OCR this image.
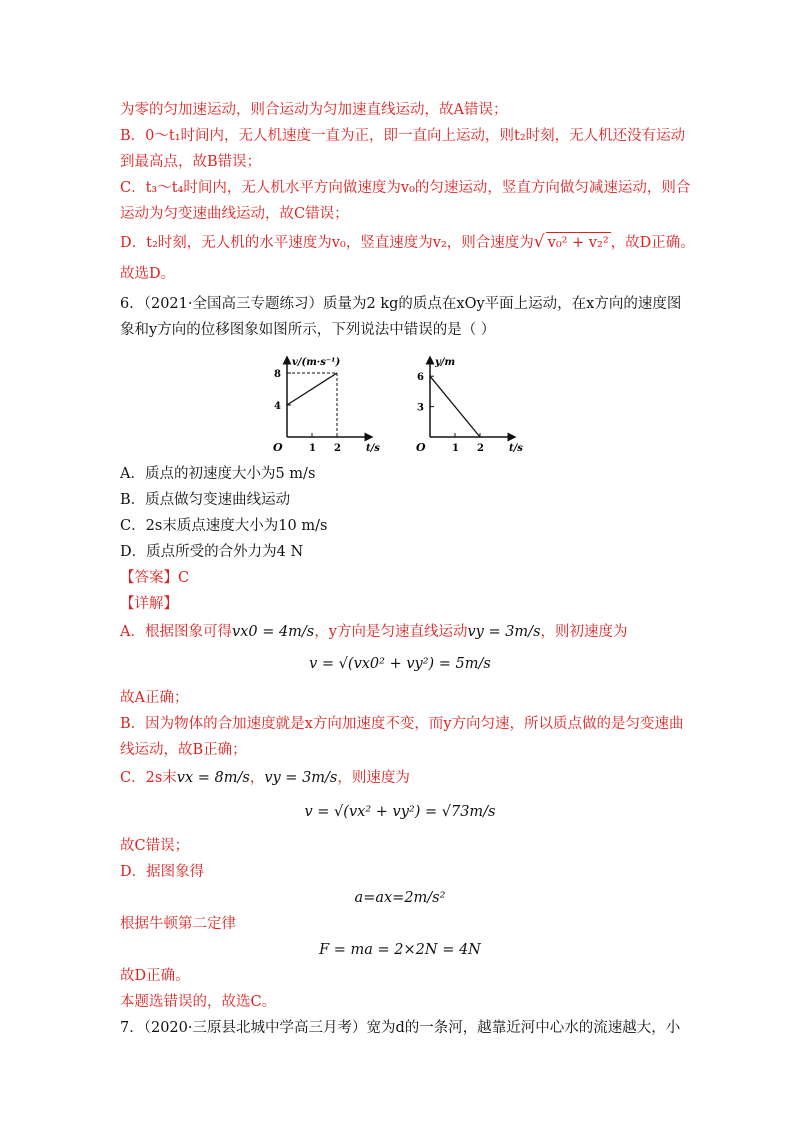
为零的匀加速运动，则合运动为匀加速直线运动，故A错误；
B．0～t₁时间内，无人机速度一直为正，即一直向上运动，则t₂时刻，无人机还没有运动
到最高点，故B错误；
C．t₃～t₄时间内，无人机水平方向做速度为v₀的匀速运动，竖直方向做匀减速运动，则合
运动为匀变速曲线运动，故C错误；
D．t₂时刻，无人机的水平速度为v₀，竖直速度为v₂，则合速度为√ v₀² + v₂² ，故D正确。
故选D。
6．（2021·全国高三专题练习）质量为2 kg的质点在xOy平面上运动，在x方向的速度图
象和y方向的位移图象如图所示，下列说法中错误的是（ ）
v/(m·s⁻¹)
t/s
O	1 2
4
8
y/m
t/s
O	1 2
3
6
A．质点的初速度大小为5 m/s
B．质点做匀变速曲线运动
C．2s末质点速度大小为10 m/s
D．质点所受的合外力为4 N
【答案】C
【详解】
A．根据图象可得vx0 = 4m/s，y方向是匀速直线运动vy = 3m/s，则初速度为
v = √(vx0² + vy²) = 5m/s
故A正确；
B．因为物体的合加速度就是x方向加速度不变，而y方向匀速，所以质点做的是匀变速曲
线运动，故B正确；
C．2s末vx = 8m/s，vy = 3m/s，则速度为
v = √(vx² + vy²) = √73m/s
故C错误；
D．据图象得
a=ax=2m/s²
根据牛顿第二定律
F = ma = 2×2N = 4N
故D正确。
本题选错误的，故选C。
7．（2020·三原县北城中学高三月考）宽为d的一条河，越靠近河中心水的流速越大，小
